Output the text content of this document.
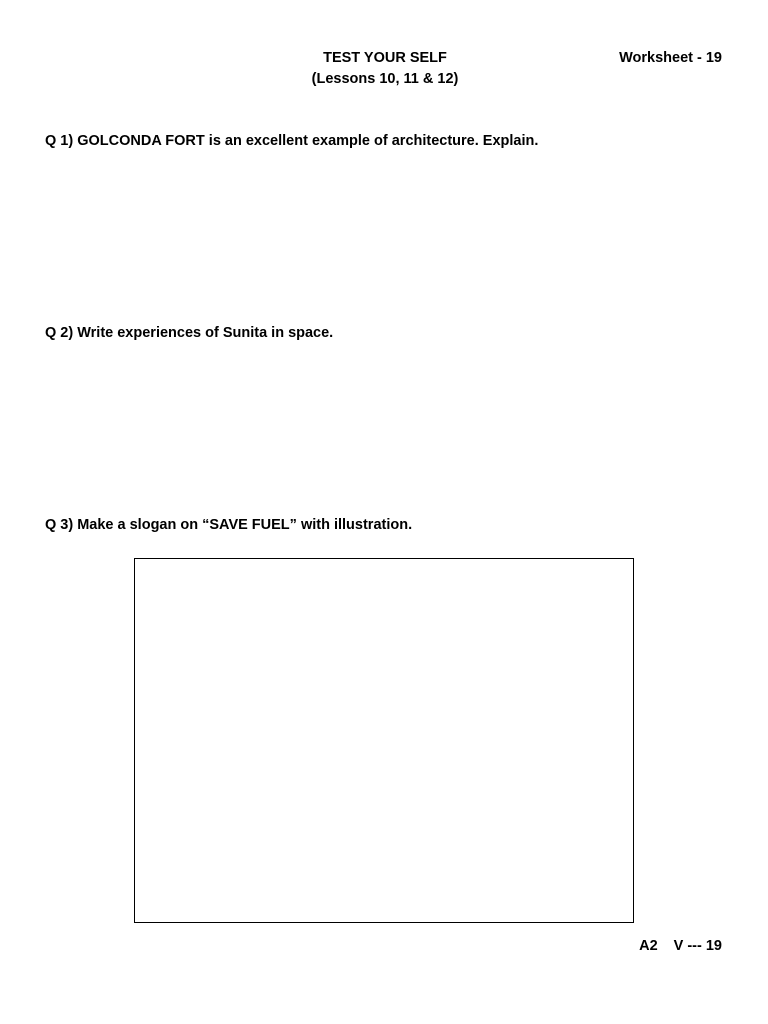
TEST YOUR SELF
(Lessons 10, 11 & 12)
Worksheet - 19
Q 1) GOLCONDA FORT is an excellent example of architecture. Explain.
Q 2) Write experiences of Sunita in space.
Q 3) Make a slogan on “SAVE FUEL” with illustration.
A2 V --- 19
